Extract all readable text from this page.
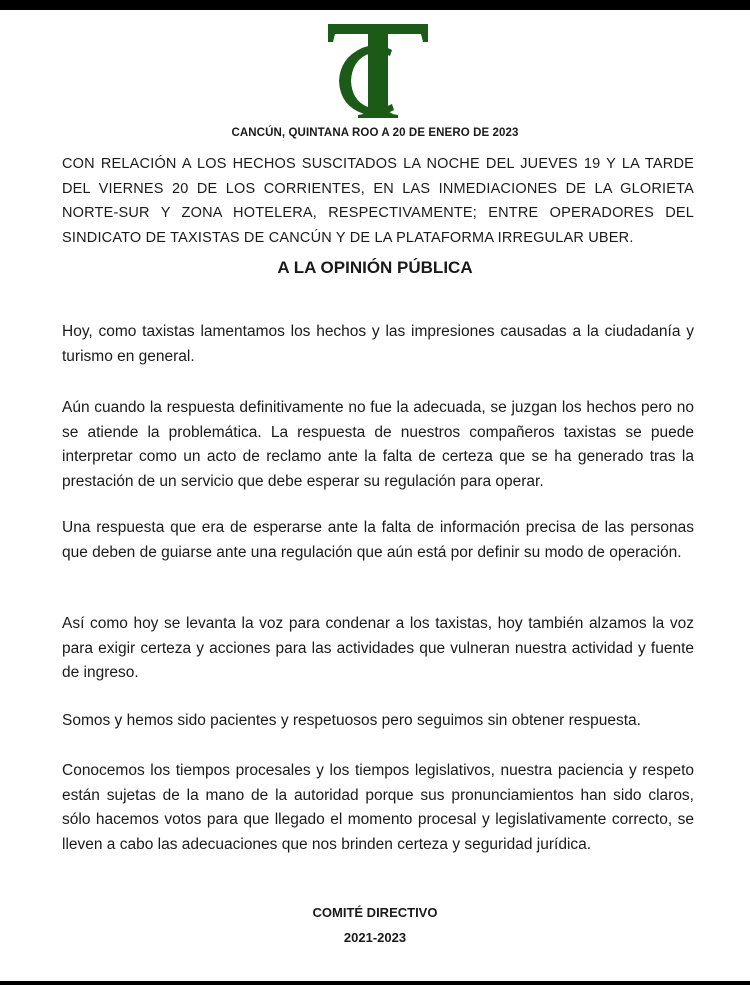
CANCÚN, QUINTANA ROO A 20 DE ENERO DE 2023
CON RELACIÓN A LOS HECHOS SUSCITADOS LA NOCHE DEL JUEVES 19 Y LA TARDE DEL VIERNES 20 DE LOS CORRIENTES, EN LAS INMEDIACIONES DE LA GLORIETA NORTE-SUR Y ZONA HOTELERA, RESPECTIVAMENTE; ENTRE OPERADORES DEL SINDICATO DE TAXISTAS DE CANCÚN Y DE LA PLATAFORMA IRREGULAR UBER.
A LA OPINIÓN PÚBLICA
Hoy, como taxistas lamentamos los hechos y las impresiones causadas a la ciudadanía y turismo en general.
Aún cuando la respuesta definitivamente no fue la adecuada, se juzgan los hechos pero no se atiende la problemática. La respuesta de nuestros compañeros taxistas se puede interpretar como un acto de reclamo ante la falta de certeza que se ha generado tras la prestación de un servicio que debe esperar su regulación para operar.
Una respuesta que era de esperarse ante la falta de información precisa de las personas que deben de guiarse ante una regulación que aún está por definir su modo de operación.
Así como hoy se levanta la voz para condenar a los taxistas, hoy también alzamos la voz para exigir certeza y acciones para las actividades que vulneran nuestra actividad y fuente de ingreso.
Somos y hemos sido pacientes y respetuosos pero seguimos sin obtener respuesta.
Conocemos los tiempos procesales y los tiempos legislativos, nuestra paciencia y respeto están sujetas de la mano de la autoridad porque sus pronunciamientos han sido claros, sólo hacemos votos para que llegado el momento procesal y legislativamente correcto, se lleven a cabo las adecuaciones que nos brinden certeza y seguridad jurídica.
COMITÉ DIRECTIVO
2021-2023
